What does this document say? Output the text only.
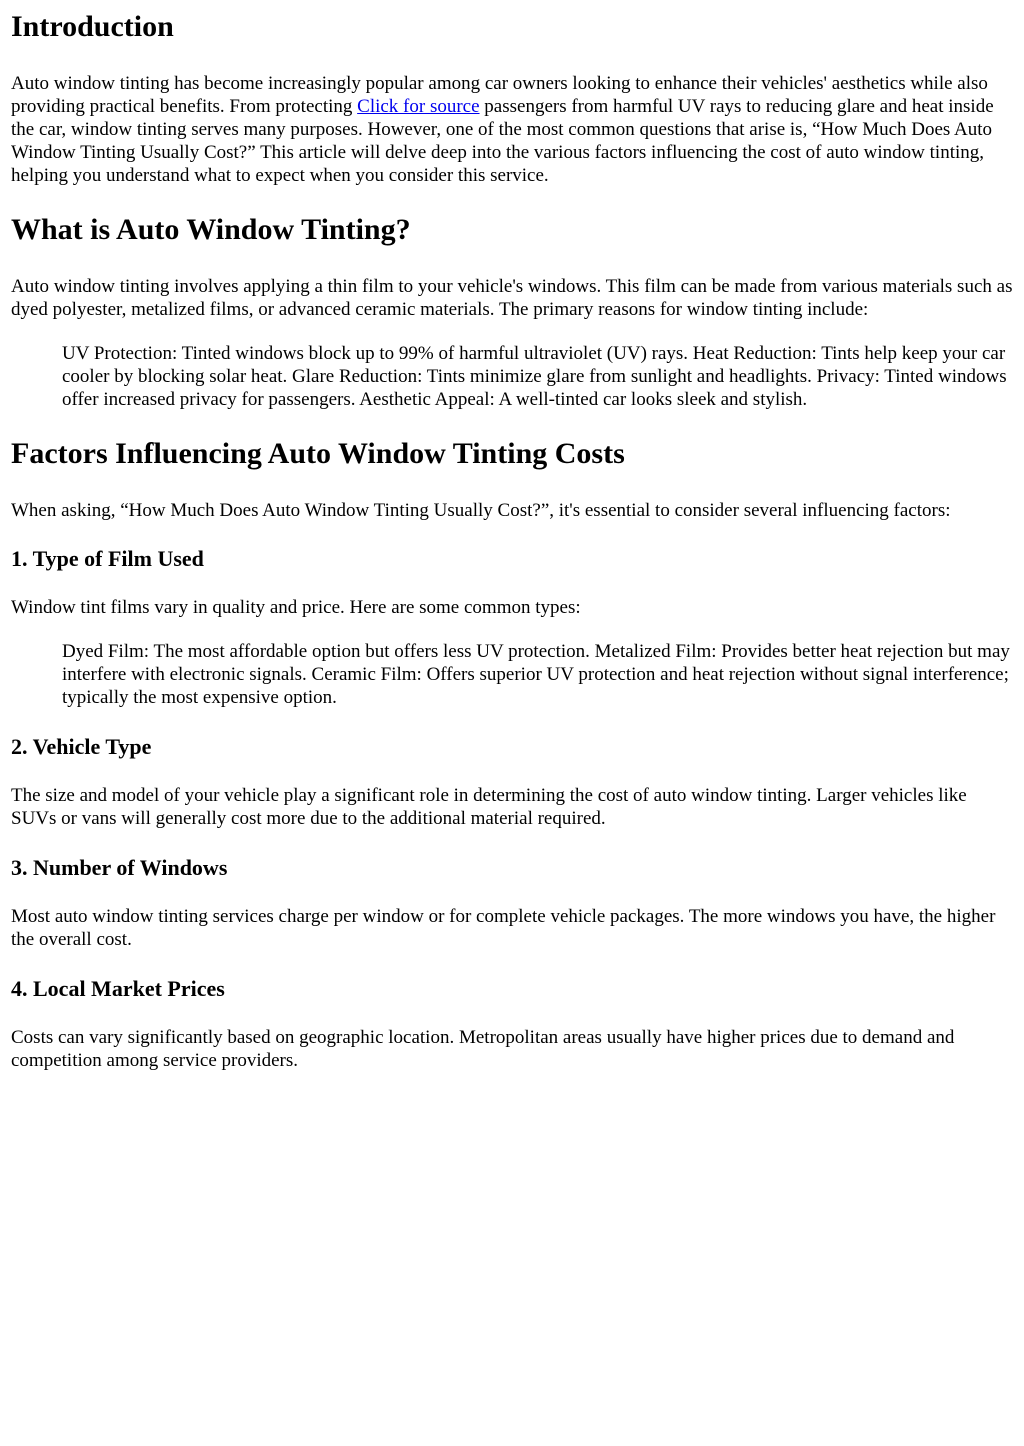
Introduction

Auto window tinting has become increasingly popular among car owners looking to enhance their vehicles' aesthetics while also providing practical benefits. From protecting Click for source passengers from harmful UV rays to reducing glare and heat inside the car, window tinting serves many purposes. However, one of the most common questions that arise is, “How Much Does Auto Window Tinting Usually Cost?” This article will delve deep into the various factors influencing the cost of auto window tinting, helping you understand what to expect when you consider this service.

What is Auto Window Tinting?

Auto window tinting involves applying a thin film to your vehicle's windows. This film can be made from various materials such as dyed polyester, metalized films, or advanced ceramic materials. The primary reasons for window tinting include:

UV Protection: Tinted windows block up to 99% of harmful ultraviolet (UV) rays. Heat Reduction: Tints help keep your car cooler by blocking solar heat. Glare Reduction: Tints minimize glare from sunlight and headlights. Privacy: Tinted windows offer increased privacy for passengers. Aesthetic Appeal: A well-tinted car looks sleek and stylish.
Factors Influencing Auto Window Tinting Costs

When asking, “How Much Does Auto Window Tinting Usually Cost?”, it's essential to consider several influencing factors:

1. Type of Film Used

Window tint films vary in quality and price. Here are some common types:

Dyed Film: The most affordable option but offers less UV protection. Metalized Film: Provides better heat rejection but may interfere with electronic signals. Ceramic Film: Offers superior UV protection and heat rejection without signal interference; typically the most expensive option.
2. Vehicle Type

The size and model of your vehicle play a significant role in determining the cost of auto window tinting. Larger vehicles like SUVs or vans will generally cost more due to the additional material required.

3. Number of Windows

Most auto window tinting services charge per window or for complete vehicle packages. The more windows you have, the higher the overall cost.

4. Local Market Prices

Costs can vary significantly based on geographic location. Metropolitan areas usually have higher prices due to demand and competition among service providers.
